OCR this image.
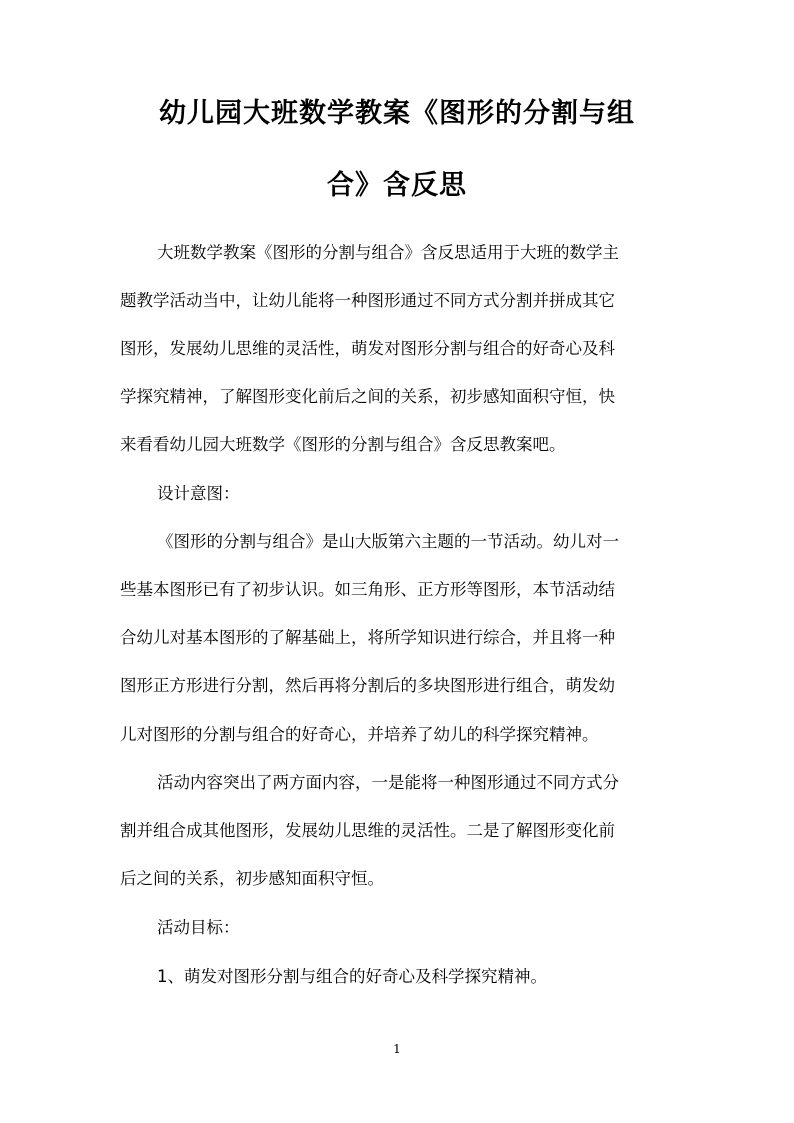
幼儿园大班数学教案《图形的分割与组
合》含反思
大班数学教案《图形的分割与组合》含反思适用于大班的数学主
题教学活动当中，让幼儿能将一种图形通过不同方式分割并拼成其它
图形，发展幼儿思维的灵活性，萌发对图形分割与组合的好奇心及科
学探究精神，了解图形变化前后之间的关系，初步感知面积守恒，快
来看看幼儿园大班数学《图形的分割与组合》含反思教案吧。
设计意图：
《图形的分割与组合》是山大版第六主题的一节活动。幼儿对一
些基本图形已有了初步认识。如三角形、正方形等图形，本节活动结
合幼儿对基本图形的了解基础上，将所学知识进行综合，并且将一种
图形正方形进行分割，然后再将分割后的多块图形进行组合，萌发幼
儿对图形的分割与组合的好奇心，并培养了幼儿的科学探究精神。
活动内容突出了两方面内容，一是能将一种图形通过不同方式分
割并组合成其他图形，发展幼儿思维的灵活性。二是了解图形变化前
后之间的关系，初步感知面积守恒。
活动目标：
1、萌发对图形分割与组合的好奇心及科学探究精神。
1
